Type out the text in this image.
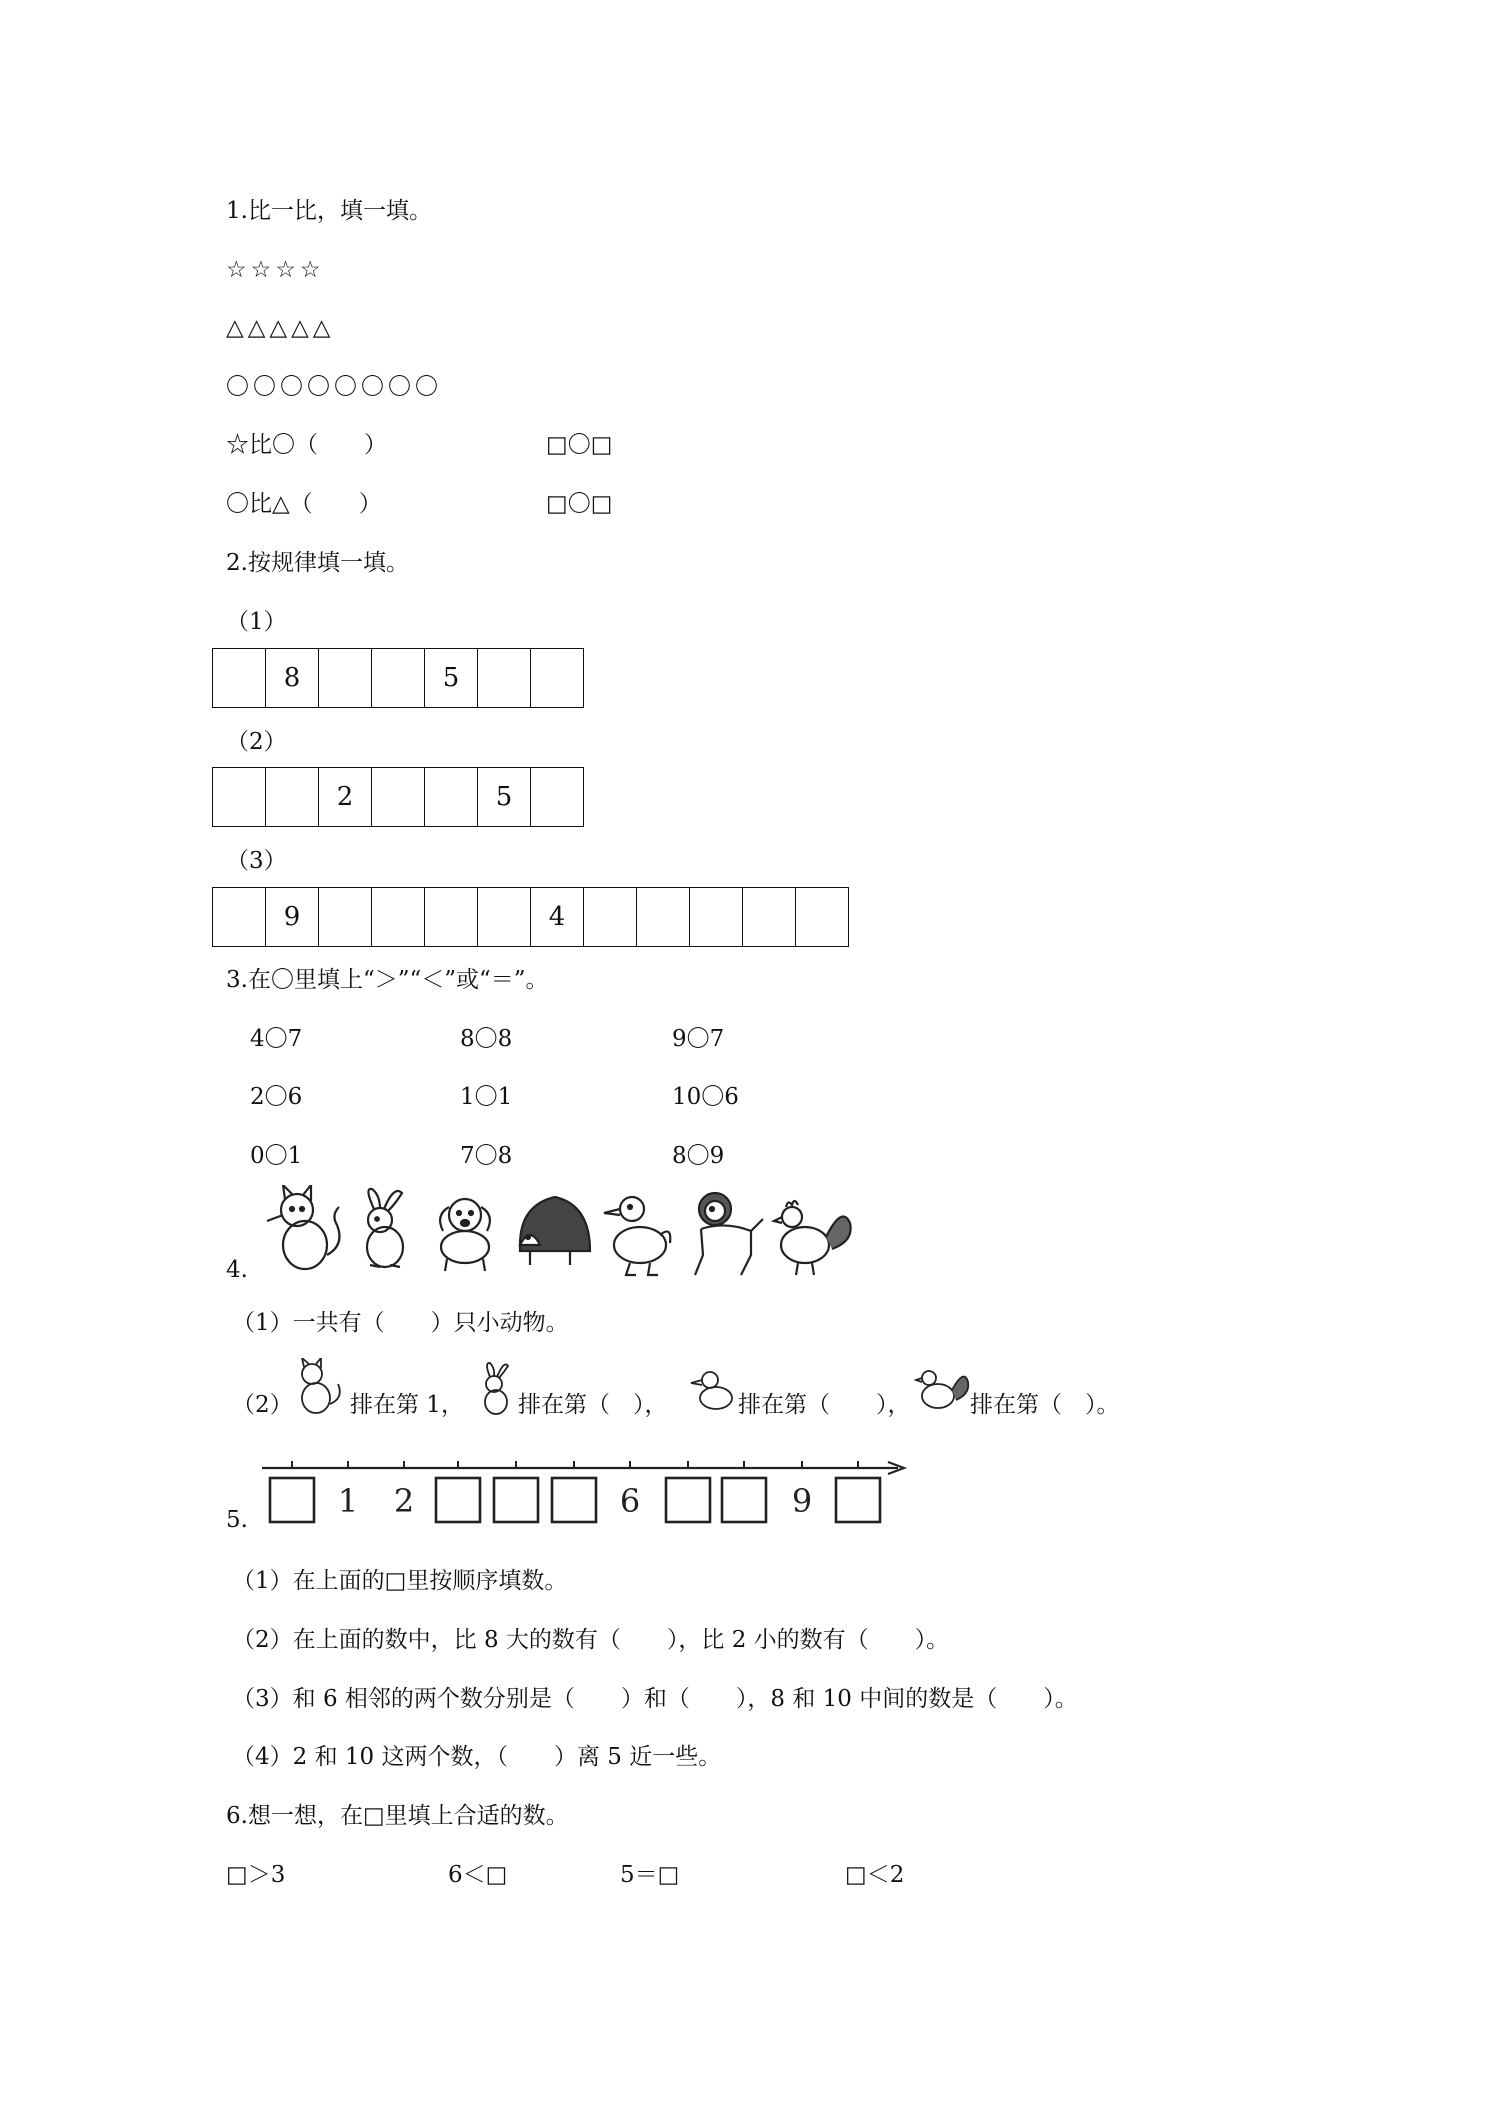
1.比一比，填一填。
☆☆☆☆
△△△△△
〇〇〇〇〇〇〇〇
☆比〇（　　）	□〇□
〇比△（　　）	□〇□
2.按规律填一填。
（1）
	8			5		
（2）
		2			5	
（3）
	9					4					
3.在〇里填上“＞”“＜”或“＝”。
4〇7	8〇8	9〇7
2〇6	1〇1	10〇6
0〇1	7〇8	8〇9
4.
（1）一共有（　　）只小动物。
（2） 排在第 1， 排在第（　），	排在第（　　），	排在第（　）。
1 2	6	9
5.
（1）在上面的□里按顺序填数。
（2）在上面的数中，比 8 大的数有（　　），比 2 小的数有（　　）。
（3）和 6 相邻的两个数分别是（　　）和（　　），8 和 10 中间的数是（　　）。
（4）2 和 10 这两个数，（　　）离 5 近一些。
6.想一想，在□里填上合适的数。
□＞3	6＜□	5＝□	□＜2
